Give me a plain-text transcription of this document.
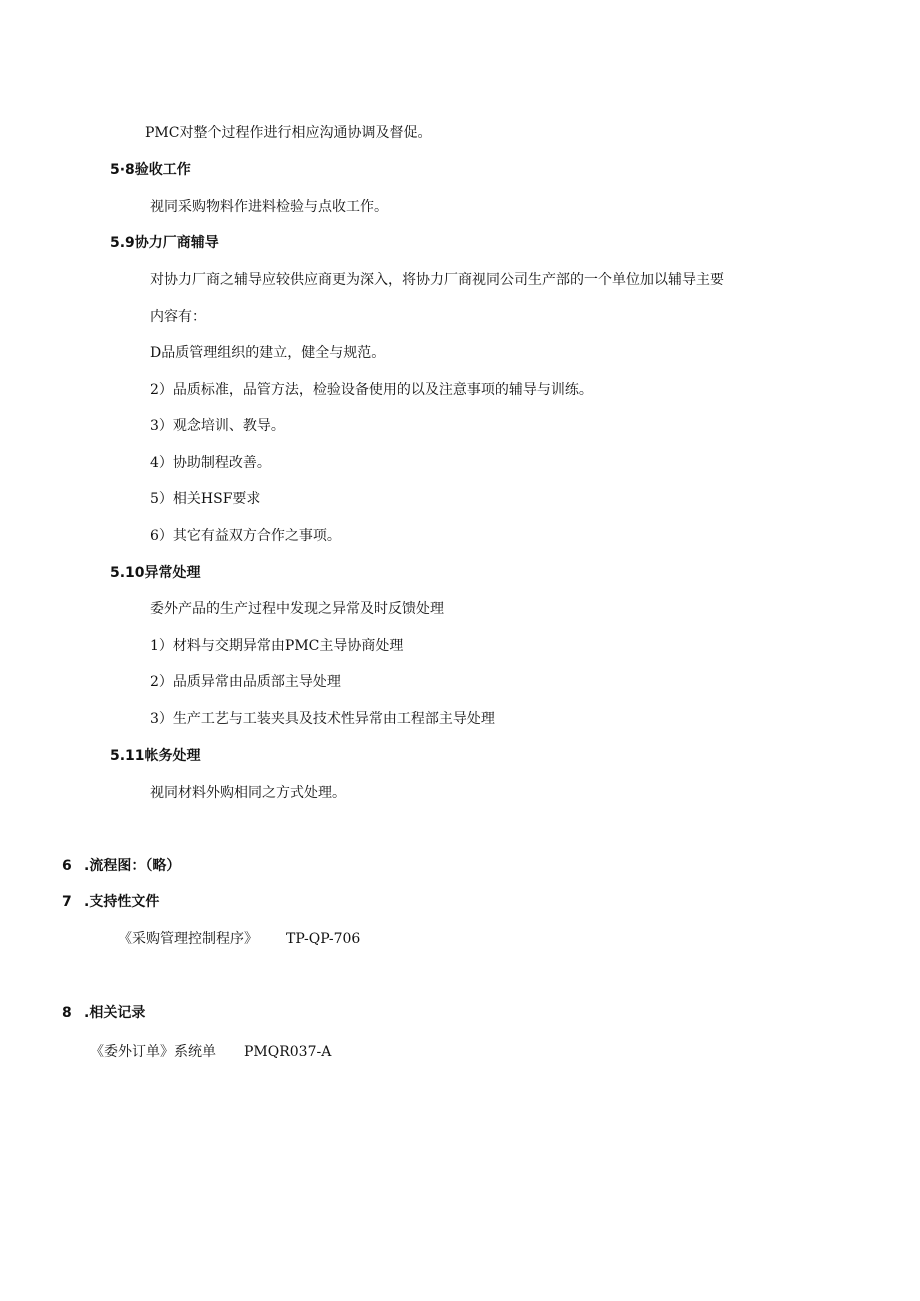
PMC对整个过程作进行相应沟通协调及督促。
5·8验收工作
视同采购物料作进料检验与点收工作。
5.9协力厂商辅导
对协力厂商之辅导应较供应商更为深入，将协力厂商视同公司生产部的一个单位加以辅导主要
内容有：
D品质管理组织的建立，健全与规范。
2）品质标准，品管方法，检验设备使用的以及注意事项的辅导与训练。
3）观念培训、教导。
4）协助制程改善。
5）相关HSF要求
6）其它有益双方合作之事项。
5.10异常处理
委外产品的生产过程中发现之异常及时反馈处理
1）材料与交期异常由PMC主导协商处理
2）品质异常由品质部主导处理
3）生产工艺与工装夹具及技术性异常由工程部主导处理
5.11帐务处理
视同材料外购相同之方式处理。
6 .流程图：（略）
7 .支持性文件
《采购管理控制程序》 TP-QP-706
8 .相关记录
《委外订单》系统单 PMQR037-A
